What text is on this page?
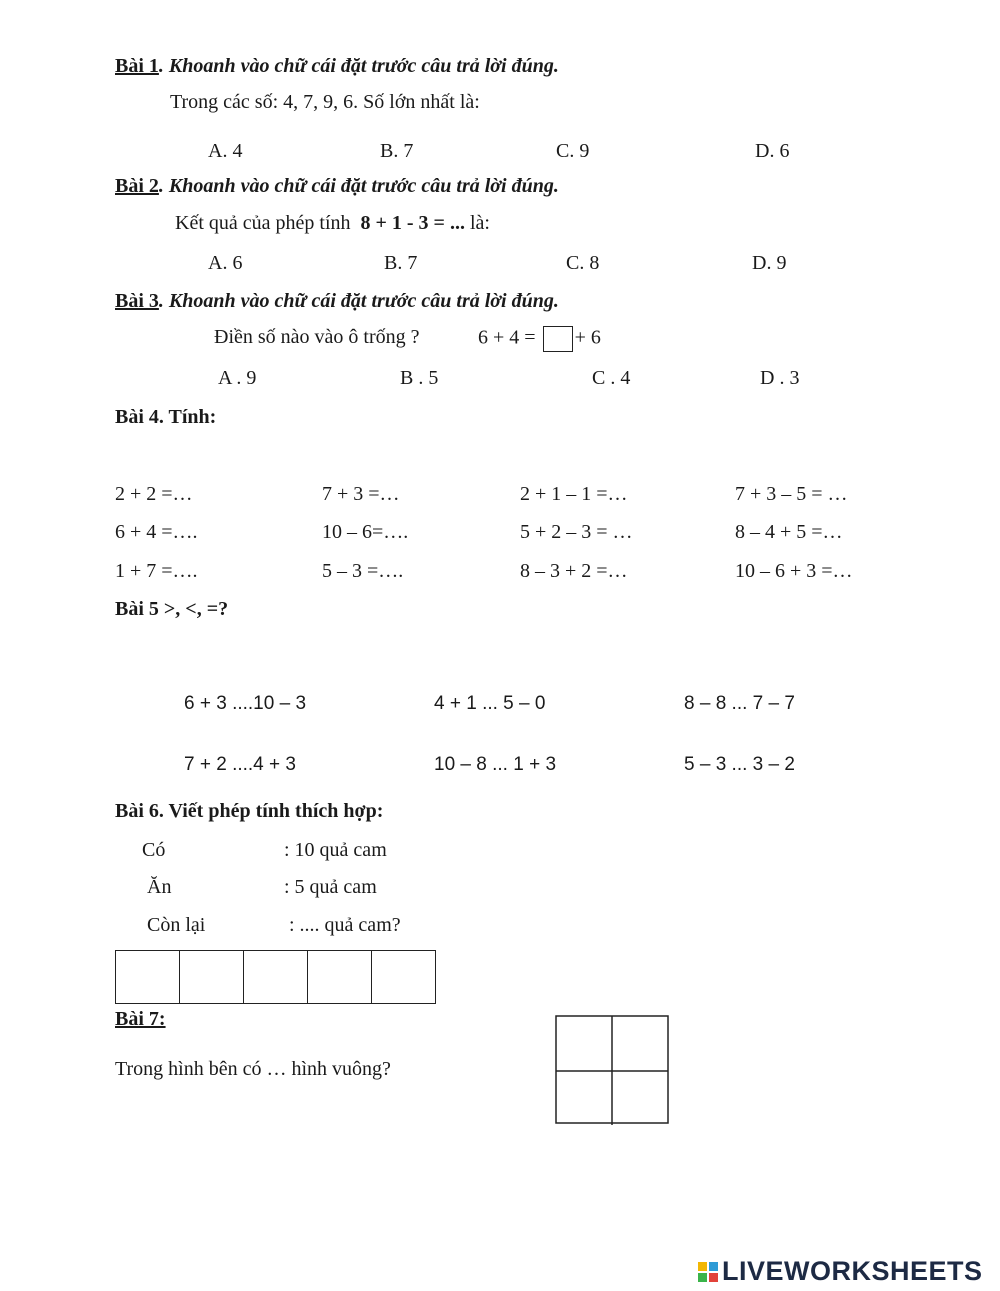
Bài 1. Khoanh vào chữ cái đặt trước câu trả lời đúng.
Trong các số: 4, 7, 9, 6. Số lớn nhất là:
A. 4	B. 7	C. 9	D. 6
Bài 2. Khoanh vào chữ cái đặt trước câu trả lời đúng.
Kết quả của phép tính 8 + 1 - 3 = ... là:
A. 6	B. 7	C. 8	D. 9
Bài 3. Khoanh vào chữ cái đặt trước câu trả lời đúng.
Điền số nào vào ô trống ?	6 + 4 = + 6
A . 9	B . 5	C . 4	D . 3
Bài 4. Tính:
2 + 2 =…	7 + 3 =…	2 + 1 – 1 =…	7 + 3 – 5 = …
6 + 4 =….	10 – 6=….	5 + 2 – 3 = …	8 – 4 + 5 =…
1 + 7 =….	5 – 3 =….	8 – 3 + 2 =…	10 – 6 + 3 =…
Bài 5 >, <, =?
6 + 3 ....10 – 3	4 + 1 ... 5 – 0	8 – 8 ... 7 – 7
7 + 2 ....4 + 3	10 – 8 ... 1 + 3	5 – 3 ... 3 – 2
Bài 6. Viết phép tính thích hợp:
Có	: 10 quả cam
Ăn	: 5 quả cam
Còn lại	: .... quả cam?
Bài 7:
Trong hình bên có … hình vuông?
LIVEWORKSHEETS
